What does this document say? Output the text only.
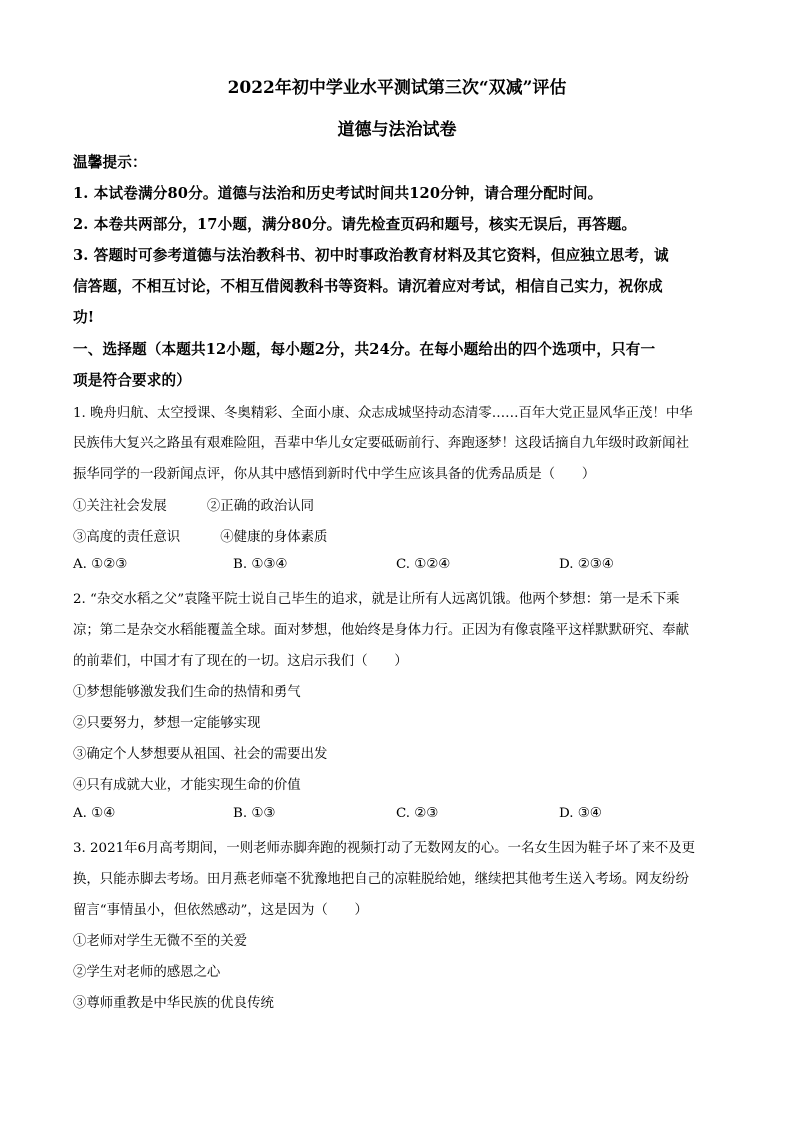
2022年初中学业水平测试第三次“双减”评估
道德与法治试卷
温馨提示：
1. 本试卷满分80分。道德与法治和历史考试时间共120分钟，请合理分配时间。
2. 本卷共两部分，17小题，满分80分。请先检查页码和题号，核实无误后，再答题。
3. 答题时可参考道德与法治教科书、初中时事政治教育材料及其它资料，但应独立思考，诚
信答题，不相互讨论，不相互借阅教科书等资料。请沉着应对考试，相信自己实力，祝你成
功!
一、选择题（本题共12小题，每小题2分，共24分。在每小题给出的四个选项中，只有一
项是符合要求的）
1. 晚舟归航、太空授课、冬奥精彩、全面小康、众志成城坚持动态清零……百年大党正显风华正茂！中华
民族伟大复兴之路虽有艰难险阻，吾辈中华儿女定要砥砺前行、奔跑逐梦！这段话摘自九年级时政新闻社
振华同学的一段新闻点评，你从其中感悟到新时代中学生应该具备的优秀品质是（　　）
①关注社会发展　　　②正确的政治认同
③高度的责任意识　　　④健康的身体素质
A. ①②③	B. ①③④	C. ①②④	D. ②③④
2. “杂交水稻之父”袁隆平院士说自己毕生的追求，就是让所有人远离饥饿。他两个梦想：第一是禾下乘
凉；第二是杂交水稻能覆盖全球。面对梦想，他始终是身体力行。正因为有像袁隆平这样默默研究、奉献
的前辈们，中国才有了现在的一切。这启示我们（　　）
①梦想能够激发我们生命的热情和勇气
②只要努力，梦想一定能够实现
③确定个人梦想要从祖国、社会的需要出发
④只有成就大业，才能实现生命的价值
A. ①④	B. ①③	C. ②③	D. ③④
3. 2021年6月高考期间，一则老师赤脚奔跑的视频打动了无数网友的心。一名女生因为鞋子坏了来不及更
换，只能赤脚去考场。田月燕老师毫不犹豫地把自己的凉鞋脱给她，继续把其他考生送入考场。网友纷纷
留言“事情虽小，但依然感动”，这是因为（　　）
①老师对学生无微不至的关爱
②学生对老师的感恩之心
③尊师重教是中华民族的优良传统
